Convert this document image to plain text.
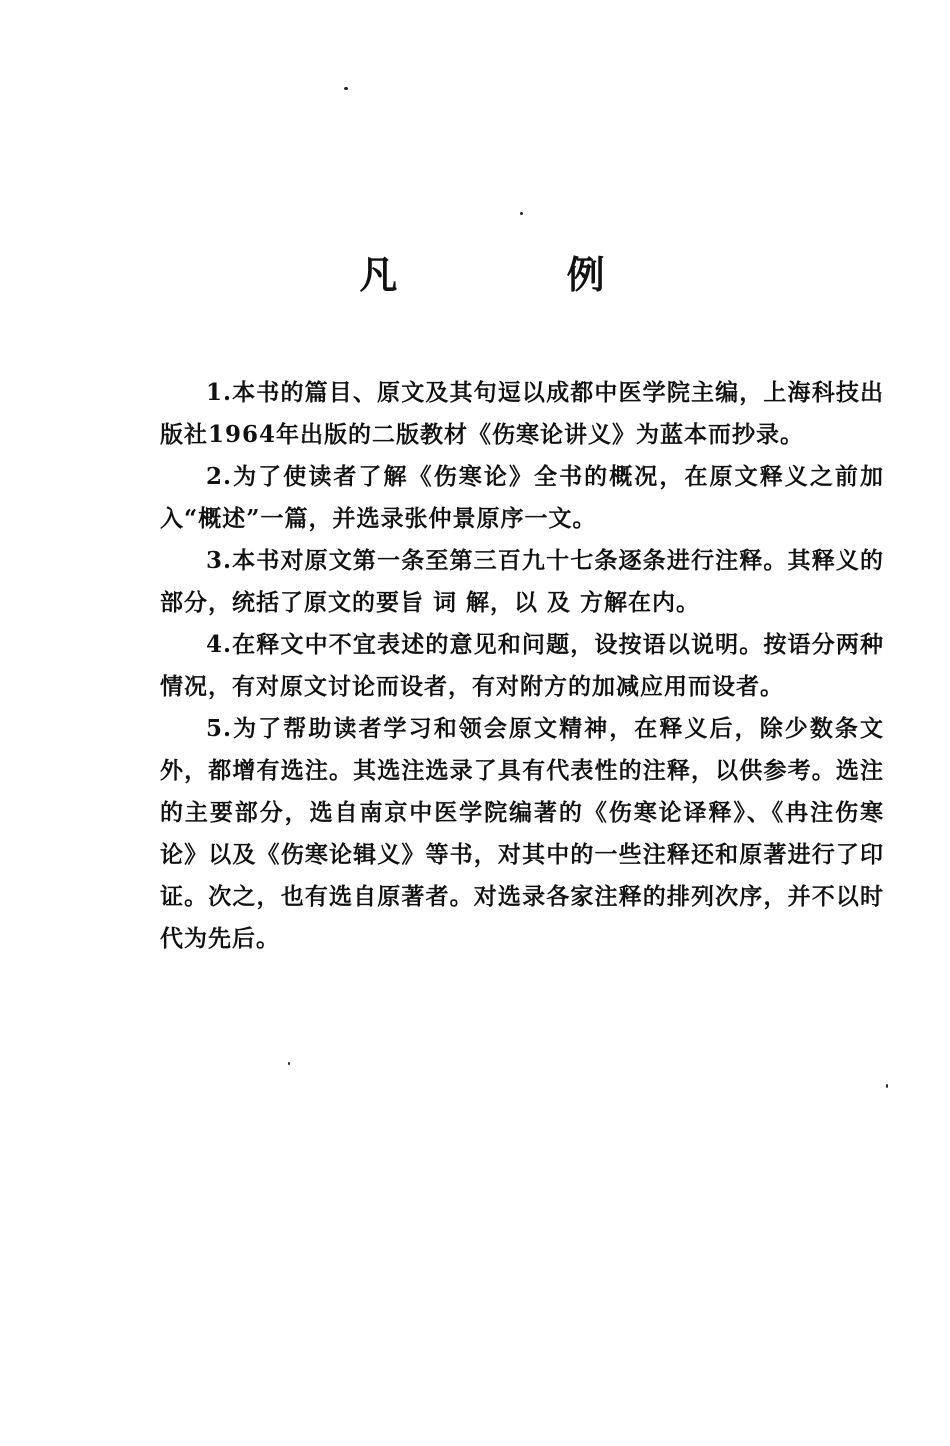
凡 例

1.本书的篇目、原文及其句逗以成都中医学院主编，上海科技出版社1964年出版的二版教材《伤寒论讲义》为蓝本而抄录。

2.为了使读者了解《伤寒论》全书的概况，在原文释义之前加入“概述”一篇，并选录张仲景原序一文。

3.本书对原文第一条至第三百九十七条逐条进行注释。其释义的部分，统括了原文的要旨 词 解，以 及 方解在内。

4.在释文中不宜表述的意见和问题，设按语以说明。按语分两种情况，有对原文讨论而设者，有对附方的加减应用而设者。

5.为了帮助读者学习和领会原文精神，在释义后，除少数条文外，都增有选注。其选注选录了具有代表性的注释，以供参考。选注的主要部分，选自南京中医学院编著的《伤寒论译释》、《冉注伤寒论》以及《伤寒论辑义》等书，对其中的一些注释还和原著进行了印证。次之，也有选自原著者。对选录各家注释的排列次序，并不以时代为先后。
